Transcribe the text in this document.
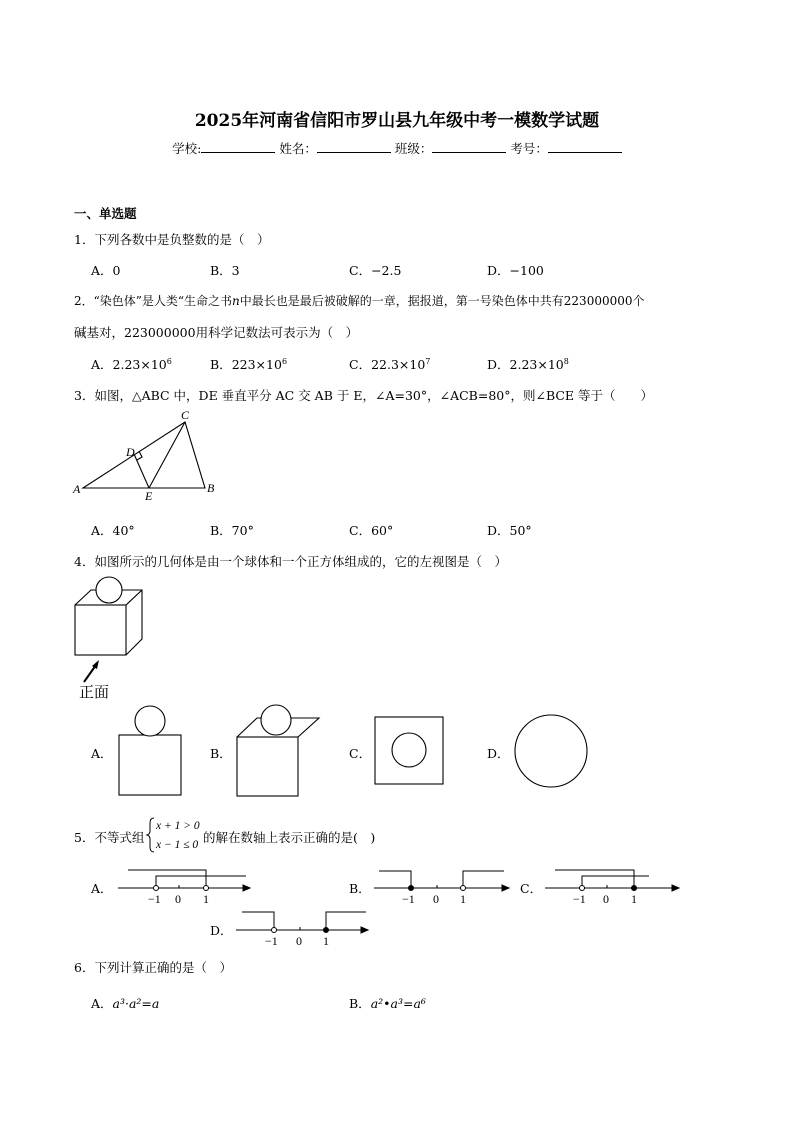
2025年河南省信阳市罗山县九年级中考一模数学试题
学校:	姓名：	班级：	考号：
一、单选题
1．下列各数中是负整数的是（　）
A．0	B．3	C．−2.5	D．−100
2．“染色体”是人类“生命之书n中最长也是最后被破解的一章，据报道，第一号染色体中共有223000000个
碱基对，223000000用科学记数法可表示为（　）
A．$2.23\times 10^6$	B．$223\times 10^6$	C．$22.3\times 10^7$	D．$2.23\times 10^8$
3．如图，△ABC 中，DE 垂直平分 AC 交 AB 于 E，∠A=30°，∠ACB=80°，则∠BCE 等于（　　）
A	B
C
D
E
A．40°	B．70°	C．60°	D．50°
4．如图所示的几何体是由一个球体和一个正方体组成的，它的左视图是（　）
正面
A．	B．	C．	D．
5．不等式组
x + 1 > 0
x − 1 ≤ 0 的解在数轴上表示正确的是(　)
A．
−1 0 1
B．
−1 0 1
C．
−1 0 1
D．
−1 0 1
6．下列计算正确的是（　）
A．a³·a²=a	B．a²•a³=a⁶
